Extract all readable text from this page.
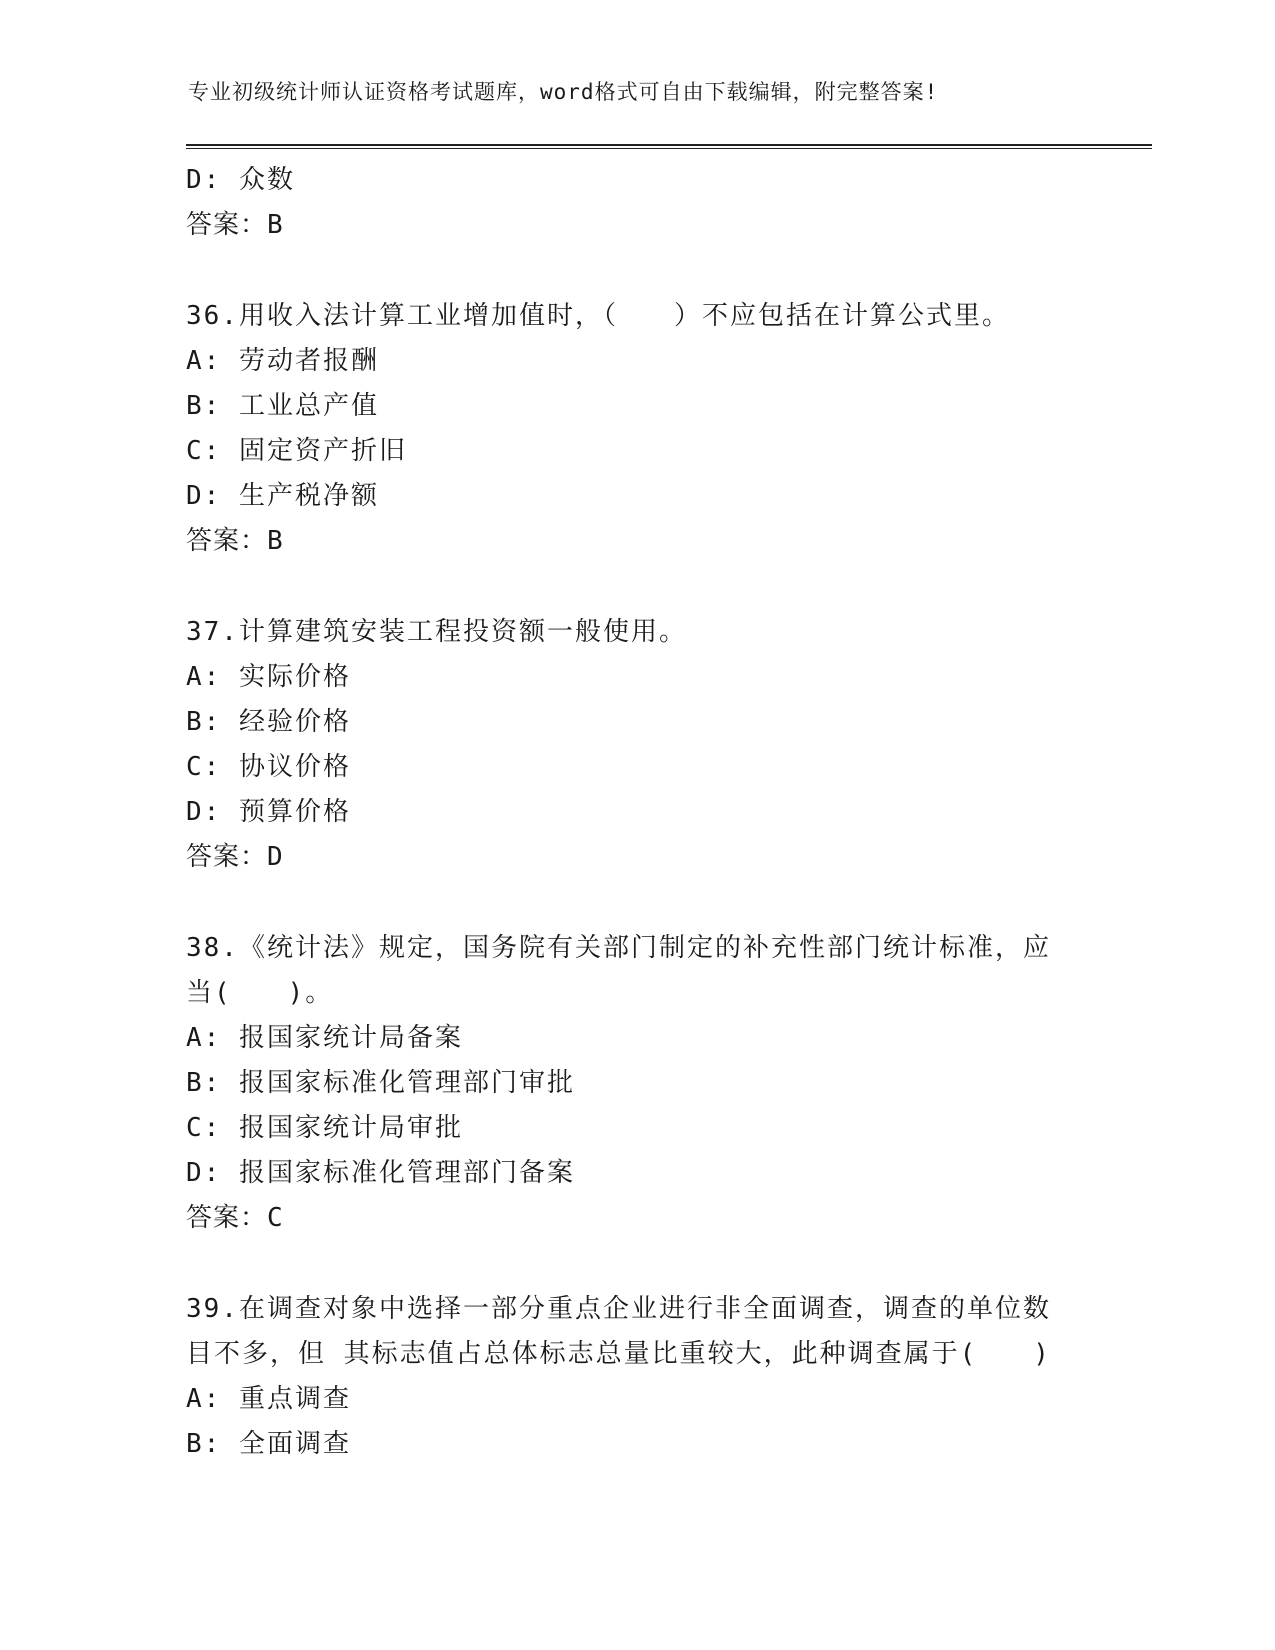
专业初级统计师认证资格考试题库，word格式可自由下载编辑，附完整答案!
D: 众数
答案：B
36.用收入法计算工业增加值时，（　　）不应包括在计算公式里。
A: 劳动者报酬
B: 工业总产值
C: 固定资产折旧
D: 生产税净额
答案：B
37.计算建筑安装工程投资额一般使用。
A: 实际价格
B: 经验价格
C: 协议价格
D: 预算价格
答案：D
38.《统计法》规定，国务院有关部门制定的补充性部门统计标准，应当(　　)。
A: 报国家统计局备案
B: 报国家标准化管理部门审批
C: 报国家统计局审批
D: 报国家标准化管理部门备案
答案：C
39.在调查对象中选择一部分重点企业进行非全面调查，调查的单位数目不多，但 其标志值占总体标志总量比重较大，此种调查属于(　　)
A: 重点调查
B: 全面调查
